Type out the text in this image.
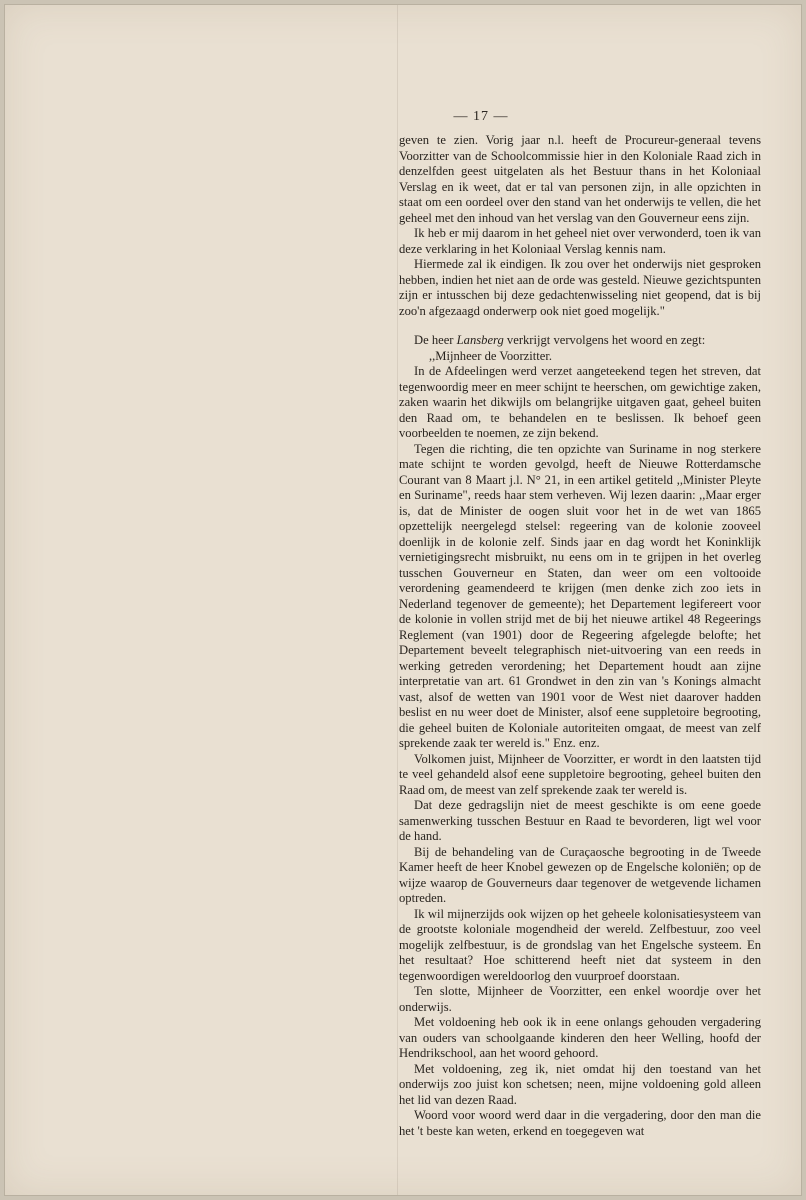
— 17 —

geven te zien. Vorig jaar n.l. heeft de Procureur-generaal tevens Voorzitter van de Schoolcommissie hier in den Koloniale Raad zich in denzelfden geest uitgelaten als het Bestuur thans in het Koloniaal Verslag en ik weet, dat er tal van personen zijn, in alle opzichten in staat om een oordeel over den stand van het onderwijs te vellen, die het geheel met den inhoud van het verslag van den Gouverneur eens zijn.

Ik heb er mij daarom in het geheel niet over verwonderd, toen ik van deze verklaring in het Koloniaal Verslag kennis nam.

Hiermede zal ik eindigen. Ik zou over het onderwijs niet gesproken hebben, indien het niet aan de orde was gesteld. Nieuwe gezichtspunten zijn er intusschen bij deze gedachtenwisseling niet geopend, dat is bij zoo'n afgezaagd onderwerp ook niet goed mogelijk."

De heer Lansberg verkrijgt vervolgens het woord en zegt:

,,Mijnheer de Voorzitter.

In de Afdeelingen werd verzet aangeteekend tegen het streven, dat tegenwoordig meer en meer schijnt te heerschen, om gewichtige zaken, zaken waarin het dikwijls om belangrijke uitgaven gaat, geheel buiten den Raad om, te behandelen en te beslissen. Ik behoef geen voorbeelden te noemen, ze zijn bekend.

Tegen die richting, die ten opzichte van Suriname in nog sterkere mate schijnt te worden gevolgd, heeft de Nieuwe Rotterdamsche Courant van 8 Maart j.l. N° 21, in een artikel getiteld ,,Minister Pleyte en Suriname", reeds haar stem verheven. Wij lezen daarin: ,,Maar erger is, dat de Minister de oogen sluit voor het in de wet van 1865 opzettelijk neergelegd stelsel: regeering van de kolonie zooveel doenlijk in de kolonie zelf. Sinds jaar en dag wordt het Koninklijk vernietigingsrecht misbruikt, nu eens om in te grijpen in het overleg tusschen Gouverneur en Staten, dan weer om een voltooide verordening geamendeerd te krijgen (men denke zich zoo iets in Nederland tegenover de gemeente); het Departement legifereert voor de kolonie in vollen strijd met de bij het nieuwe artikel 48 Regeerings Reglement (van 1901) door de Regeering afgelegde belofte; het Departement beveelt telegraphisch niet-uitvoering van een reeds in werking getreden verordening; het Departement houdt aan zijne interpretatie van art. 61 Grondwet in den zin van 's Konings almacht vast, alsof de wetten van 1901 voor de West niet daarover hadden beslist en nu weer doet de Minister, alsof eene suppletoire begrooting, die geheel buiten de Koloniale autoriteiten omgaat, de meest van zelf sprekende zaak ter wereld is." Enz. enz.

Volkomen juist, Mijnheer de Voorzitter, er wordt in den laatsten tijd te veel gehandeld alsof eene suppletoire begrooting, geheel buiten den Raad om, de meest van zelf sprekende zaak ter wereld is.

Dat deze gedragslijn niet de meest geschikte is om eene goede samenwerking tusschen Bestuur en Raad te bevorderen, ligt wel voor de hand.

Bij de behandeling van de Curaçaosche begrooting in de Tweede Kamer heeft de heer Knobel gewezen op de Engelsche koloniën; op de wijze waarop de Gouverneurs daar tegenover de wetgevende lichamen optreden.

Ik wil mijnerzijds ook wijzen op het geheele kolonisatiesysteem van de grootste koloniale mogendheid der wereld. Zelfbestuur, zoo veel mogelijk zelfbestuur, is de grondslag van het Engelsche systeem. En het resultaat? Hoe schitterend heeft niet dat systeem in den tegenwoordigen wereldoorlog den vuurproef doorstaan.

Ten slotte, Mijnheer de Voorzitter, een enkel woordje over het onderwijs.

Met voldoening heb ook ik in eene onlangs gehouden vergadering van ouders van schoolgaande kinderen den heer Welling, hoofd der Hendrikschool, aan het woord gehoord.

Met voldoening, zeg ik, niet omdat hij den toestand van het onderwijs zoo juist kon schetsen; neen, mijne voldoening gold alleen het lid van dezen Raad.

Woord voor woord werd daar in die vergadering, door den man die het 't beste kan weten, erkend en toegegeven wat
